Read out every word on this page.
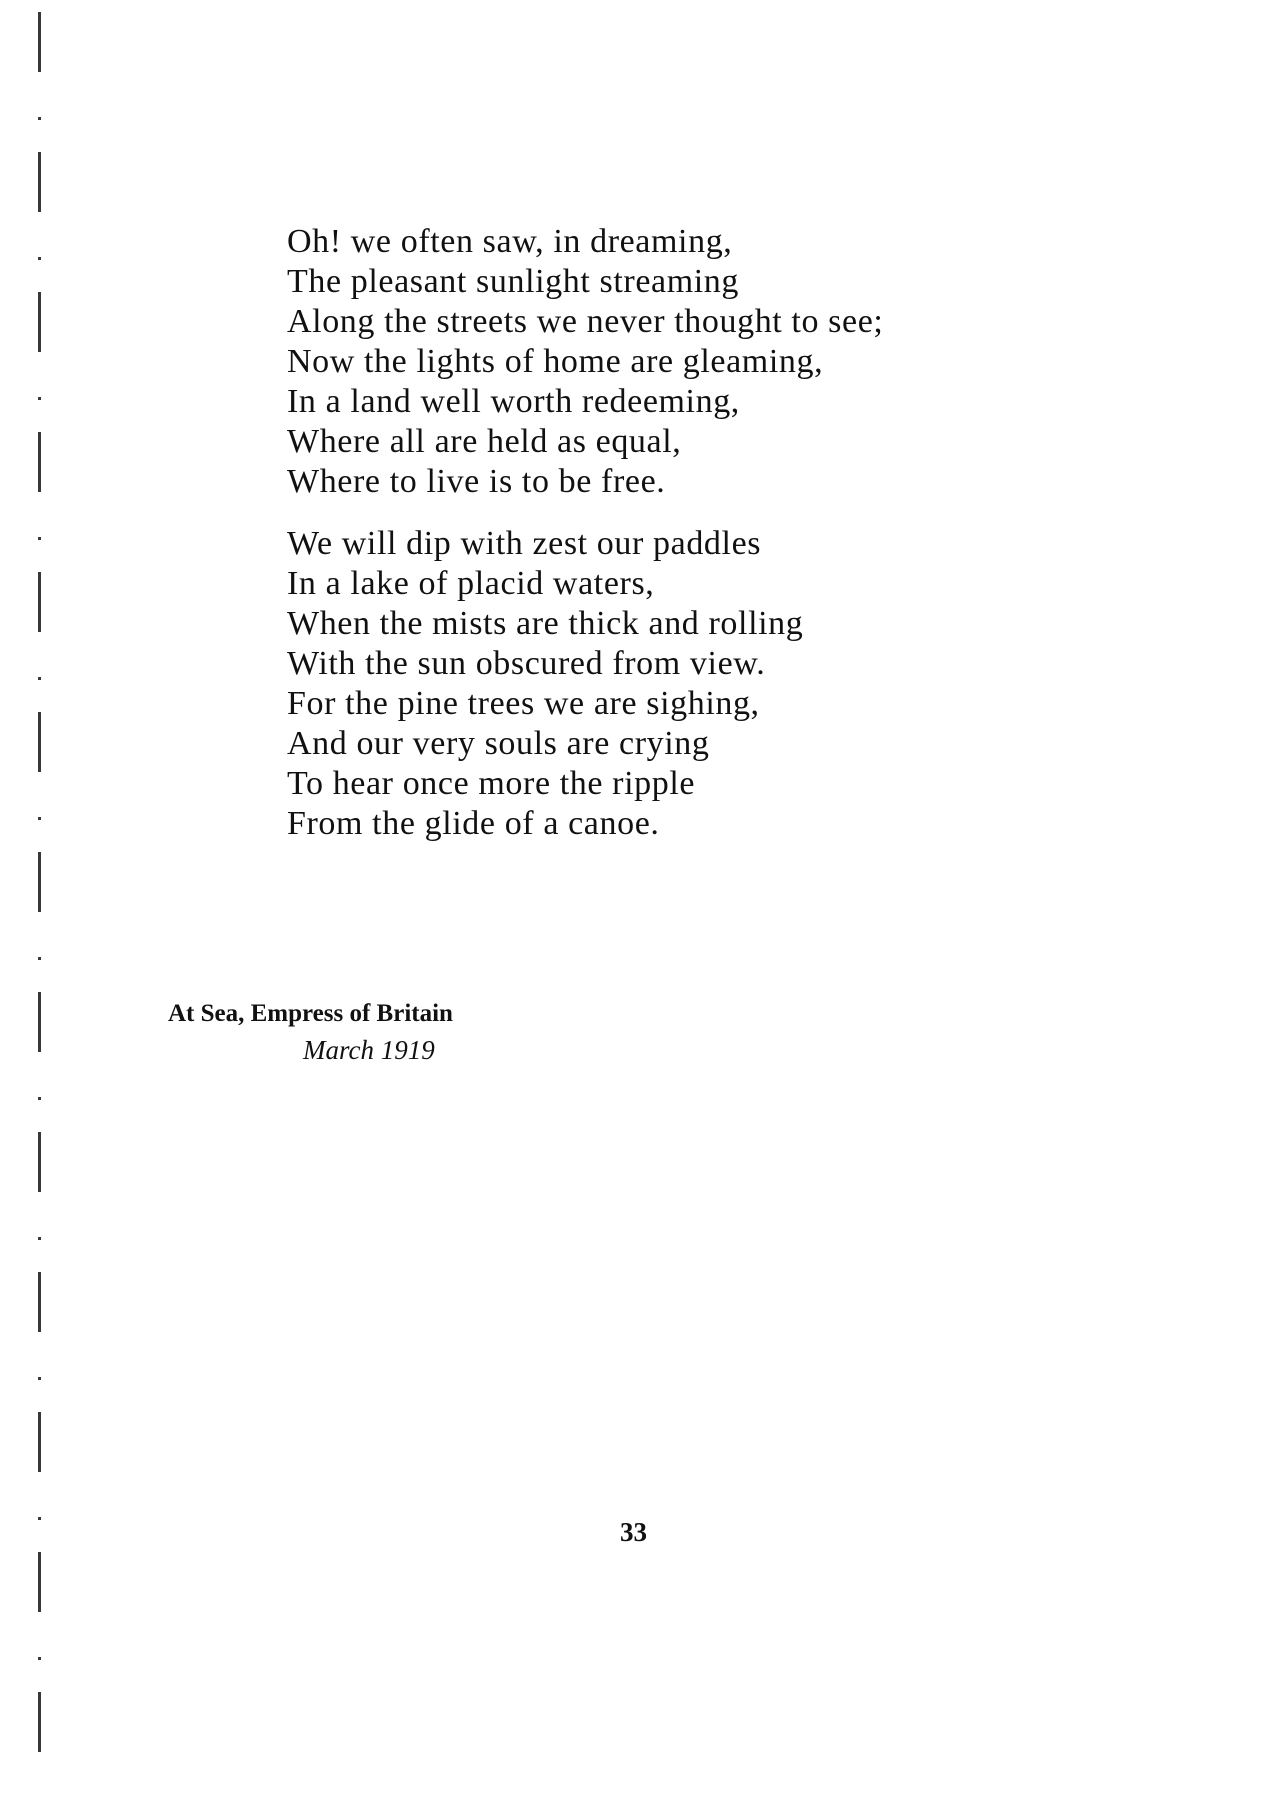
Oh! we often saw, in dreaming,
The pleasant sunlight streaming
Along the streets we never thought to see;
Now the lights of home are gleaming,
In a land well worth redeeming,
Where all are held as equal,
Where to live is to be free.
We will dip with zest our paddles
In a lake of placid waters,
When the mists are thick and rolling
With the sun obscured from view.
For the pine trees we are sighing,
And our very souls are crying
To hear once more the ripple
From the glide of a canoe.
At Sea, Empress of Britain
March 1919
33
